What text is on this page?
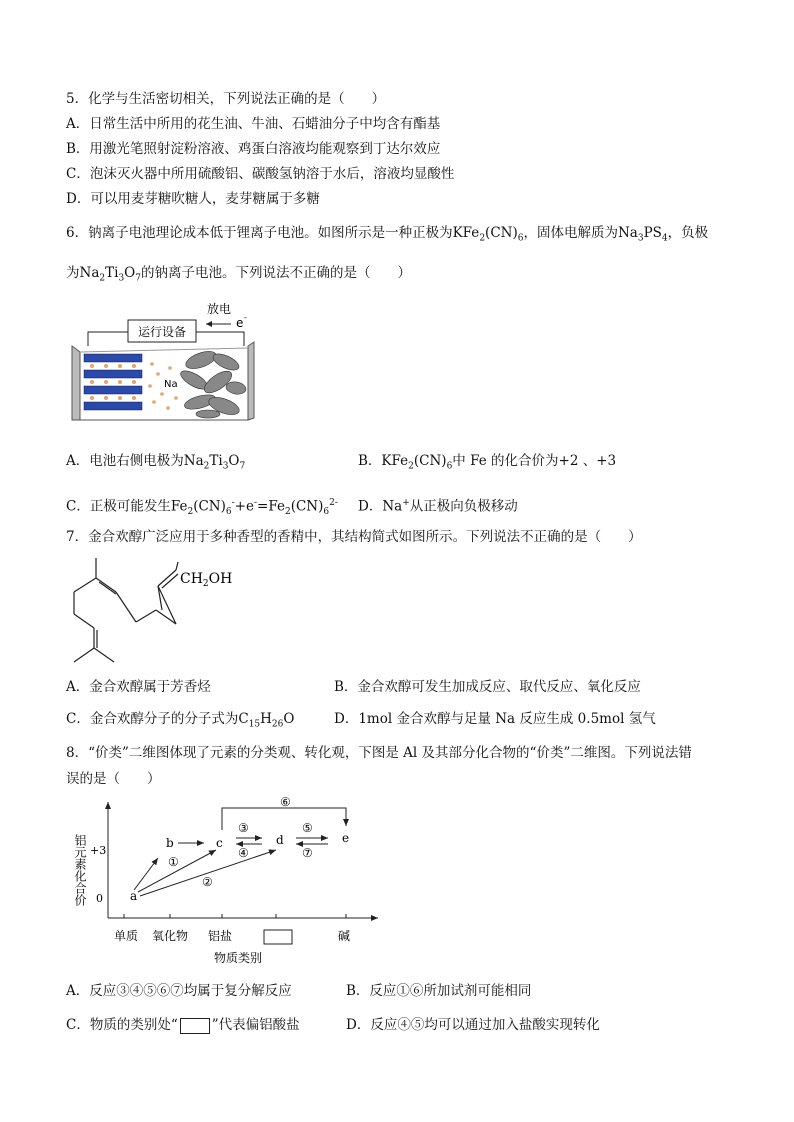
5．化学与生活密切相关，下列说法正确的是（　　）
A．日常生活中所用的花生油、牛油、石蜡油分子中均含有酯基
B．用激光笔照射淀粉溶液、鸡蛋白溶液均能观察到丁达尔效应
C．泡沫灭火器中所用硫酸铝、碳酸氢钠溶于水后，溶液均显酸性
D．可以用麦芽糖吹糖人，麦芽糖属于多糖
6．钠离子电池理论成本低于锂离子电池。如图所示是一种正极为$KFe_2(CN)_6$，固体电解质为$Na_3PS_4$，负极
为$Na_2Ti_3O_7$的钠离子电池。下列说法不正确的是（　　）
放电
e -
运行设备
Na
A．电池右侧电极为$Na_2Ti_3O_7$	B．$KFe_2(CN)_6$中 Fe 的化合价为+2 、+3
C．正极可能发生$Fe_2(CN)_6^-+e^-=Fe_2(CN)_6^{2-}$ D．Na+从正极向负极移动
7．金合欢醇广泛应用于多种香型的香精中，其结构简式如图所示。下列说法不正确的是（　　）
$CH_2OH$
A．金合欢醇属于芳香烃	B．金合欢醇可发生加成反应、取代反应、氧化反应
C．金合欢醇分子的分子式为$C_{15}H_{26}O$	D．1mol 金合欢醇与足量 Na 反应生成 0.5mol 氢气
8．“价类”二维图体现了元素的分类观、转化观，下图是 Al 及其部分化合物的“价类”二维图。下列说法错
误的是（　　）
铝元素化合价 +3
0
单质 氧化物 铝盐	碱
物质类别
a
b	c	d	e
①
②
③
④
⑤
⑦
⑥
A．反应③④⑤⑥⑦均属于复分解反应	B．反应①⑥所加试剂可能相同
C．物质的类别处“	”代表偏铝酸盐	D．反应④⑤均可以通过加入盐酸实现转化
